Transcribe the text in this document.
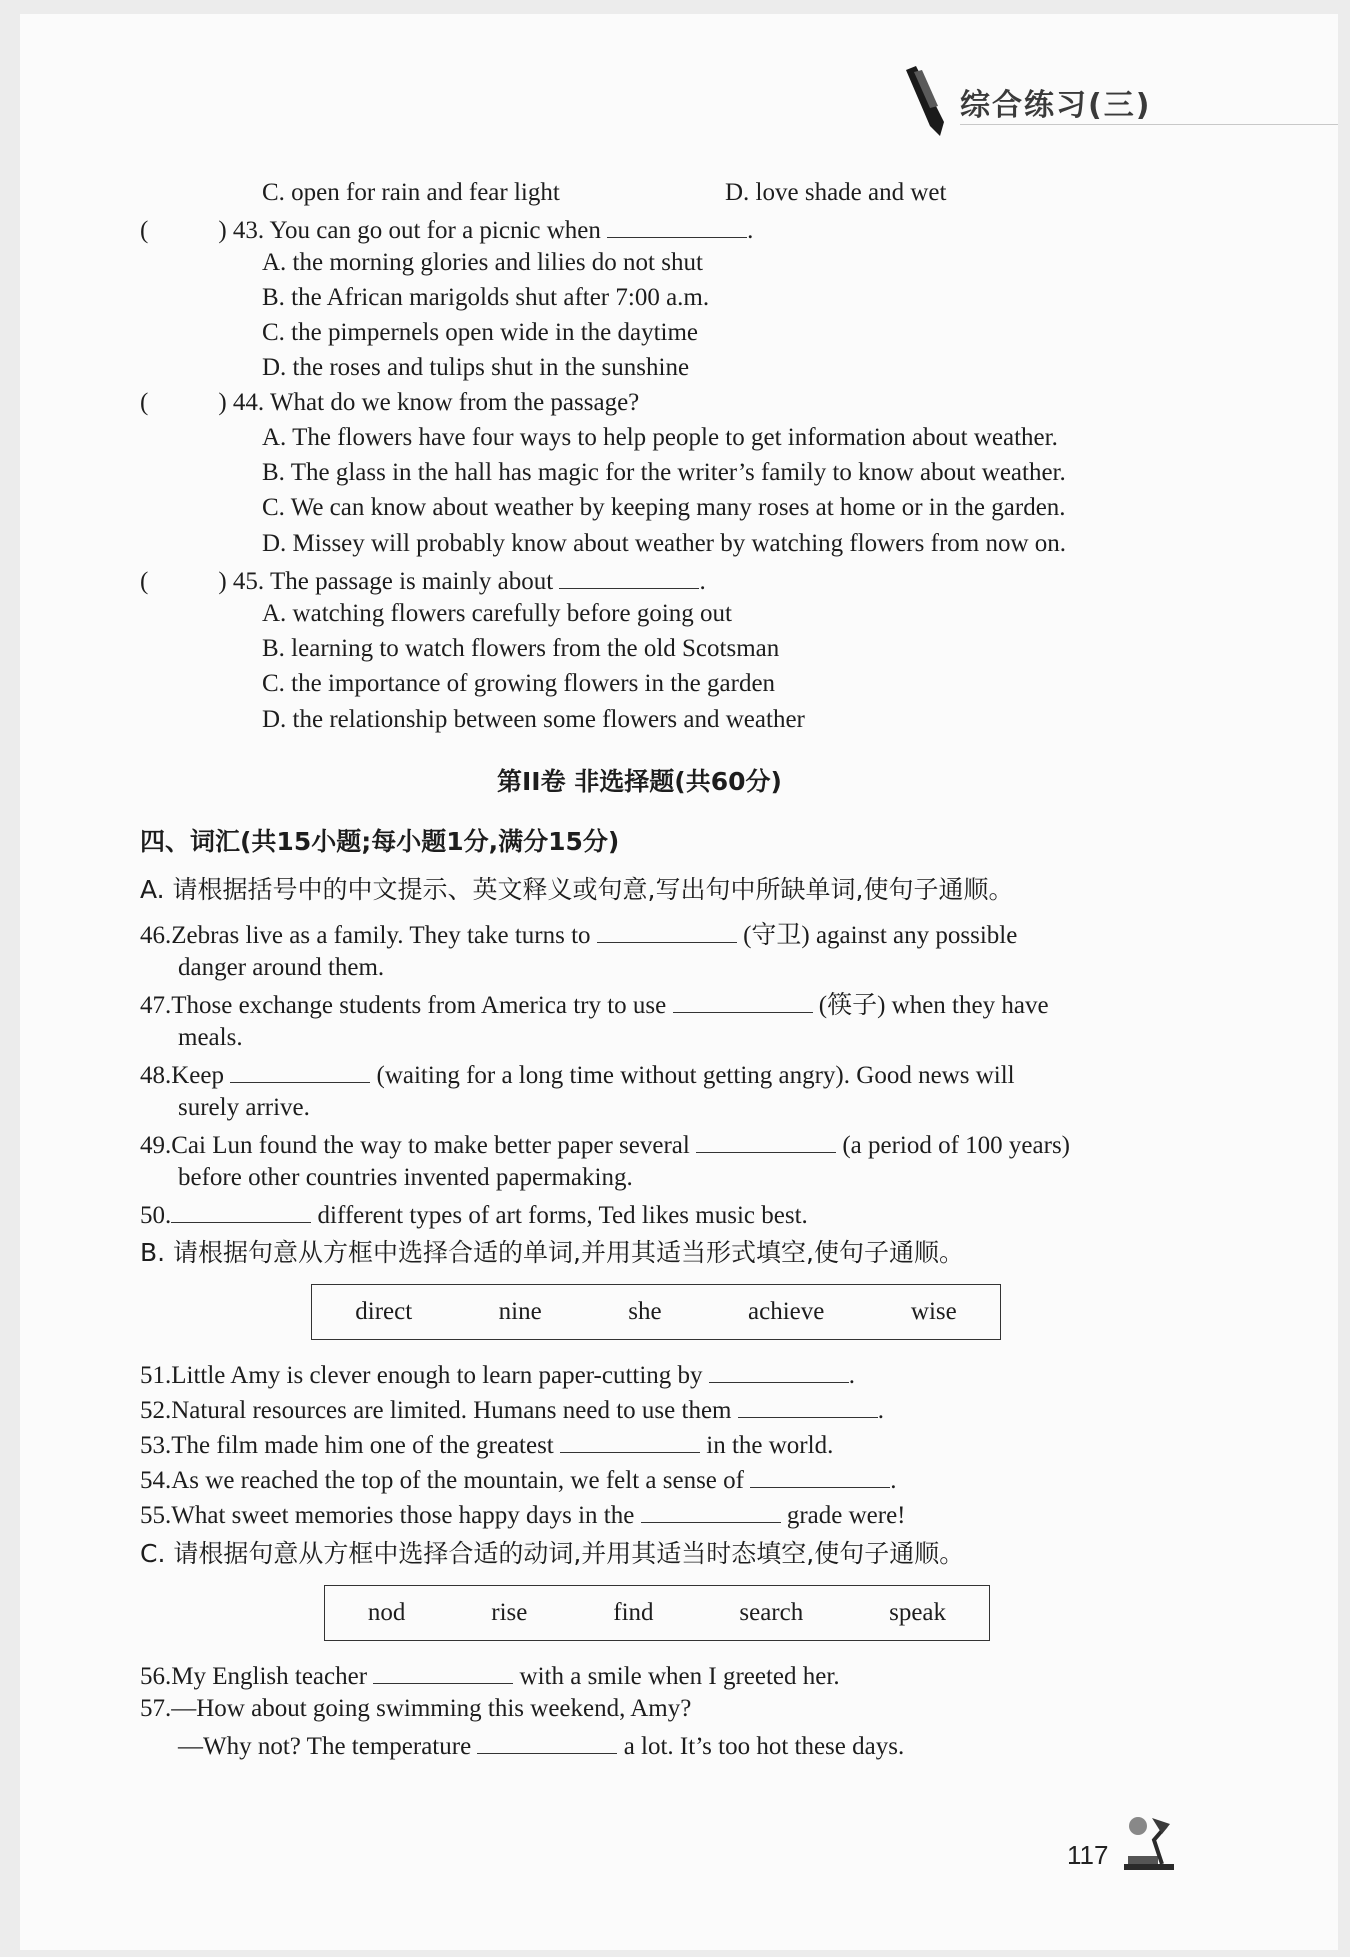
综合练习(三)
C. open for rain and fear light	D. love shade and wet
(	) 43. You can go out for a picnic when	.
A. the morning glories and lilies do not shut
B. the African marigolds shut after 7:00 a.m.
C. the pimpernels open wide in the daytime
D. the roses and tulips shut in the sunshine
(	) 44. What do we know from the passage?
A. The flowers have four ways to help people to get information about weather.
B. The glass in the hall has magic for the writer’s family to know about weather.
C. We can know about weather by keeping many roses at home or in the garden.
D. Missey will probably know about weather by watching flowers from now on.
(	) 45. The passage is mainly about	.
A. watching flowers carefully before going out
B. learning to watch flowers from the old Scotsman
C. the importance of growing flowers in the garden
D. the relationship between some flowers and weather
第II卷 非选择题(共60分)
四、词汇(共15小题;每小题1分,满分15分)
A. 请根据括号中的中文提示、英文释义或句意,写出句中所缺单词,使句子通顺。
46.Zebras live as a family. They take turns to	(守卫) against any possible
danger around them.
47.Those exchange students from America try to use	(筷子) when they have
meals.
48.Keep	(waiting for a long time without getting angry). Good news will
surely arrive.
49.Cai Lun found the way to make better paper several	(a period of 100 years)
before other countries invented papermaking.
50.	different types of art forms, Ted likes music best.
B. 请根据句意从方框中选择合适的单词,并用其适当形式填空,使句子通顺。
direct	nine	she	achieve	wise
51.Little Amy is clever enough to learn paper-cutting by	.
52.Natural resources are limited. Humans need to use them	.
53.The film made him one of the greatest	in the world.
54.As we reached the top of the mountain, we felt a sense of	.
55.What sweet memories those happy days in the	grade were!
C. 请根据句意从方框中选择合适的动词,并用其适当时态填空,使句子通顺。
nod	rise	find	search	speak
56.My English teacher	with a smile when I greeted her.
57.—How about going swimming this weekend, Amy?
—Why not? The temperature	a lot. It’s too hot these days.
117
